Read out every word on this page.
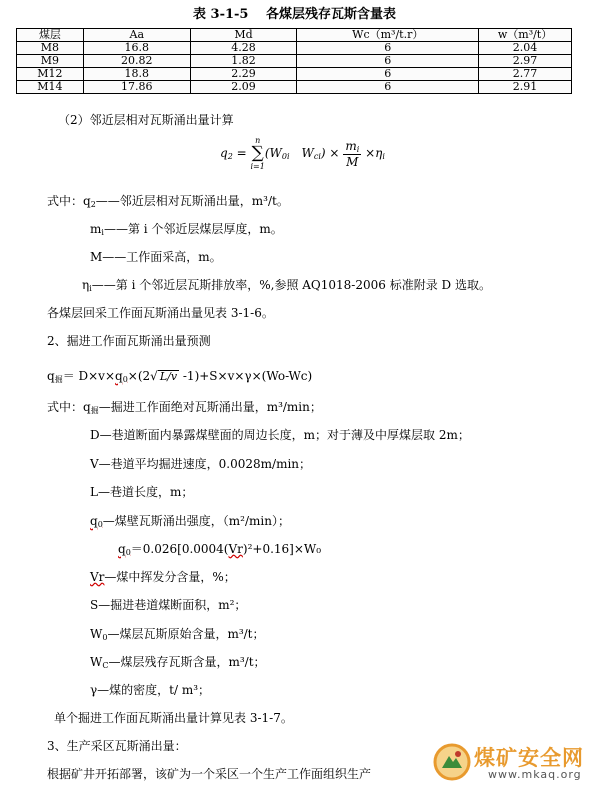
表 3-1-5　 各煤层残存瓦斯含量表
煤层	Aa	Md	Wc（m³/t.r）	w（m³/t）
M8	16.8	4.28	6	2.04
M9	20.82	1.82	6	2.97
M12	18.8	2.29	6	2.77
M14	17.86	2.09	6	2.91
（2）邻近层相对瓦斯涌出量计算
$q_2 = n$
∑
$i=1(W_{0i}$　 $W_{ci}) \times \frac{m_i}{M} \times\eta_i$
式中：$q_2——$邻近层相对瓦斯涌出量，m³/t。
$m_i——$第 i 个邻近层煤层厚度，m。
M——工作面采高，m。
$\eta_i——$第 i 个邻近层瓦斯排放率，%,参照 AQ1018-2006 标准附录 D 选取。
各煤层回采工作面瓦斯涌出量见表 3-1-6。
2、掘进工作面瓦斯涌出量预测
$q_掘= D\times v\times q_0\times(2√$ L/v -1)+S×v×γ×(Wo-Wc)
式中：$q_掘—$掘进工作面绝对瓦斯涌出量，m³/min；
D—巷道断面内暴露煤壁面的周边长度，m；对于薄及中厚煤层取 2m；
V—巷道平均掘进速度，0.0028m/min；
L—巷道长度，m；
$q_0—$煤壁瓦斯涌出强度，（m²/min）；
$q_0=0.026[0.0004(Vr)^2+0.16]\times W_0$
Vr—煤中挥发分含量，%；
S—掘进巷道煤断面积，m²；
$W_0—$煤层瓦斯原始含量，m³/t；
$W_C—$煤层残存瓦斯含量，m³/t；
γ—煤的密度，t/ m³；
单个掘进工作面瓦斯涌出量计算见表 3-1-7。
3、生产采区瓦斯涌出量：
根据矿井开拓部署，该矿为一个采区一个生产工作面组织生产
煤矿安全网
www.mkaq.org
